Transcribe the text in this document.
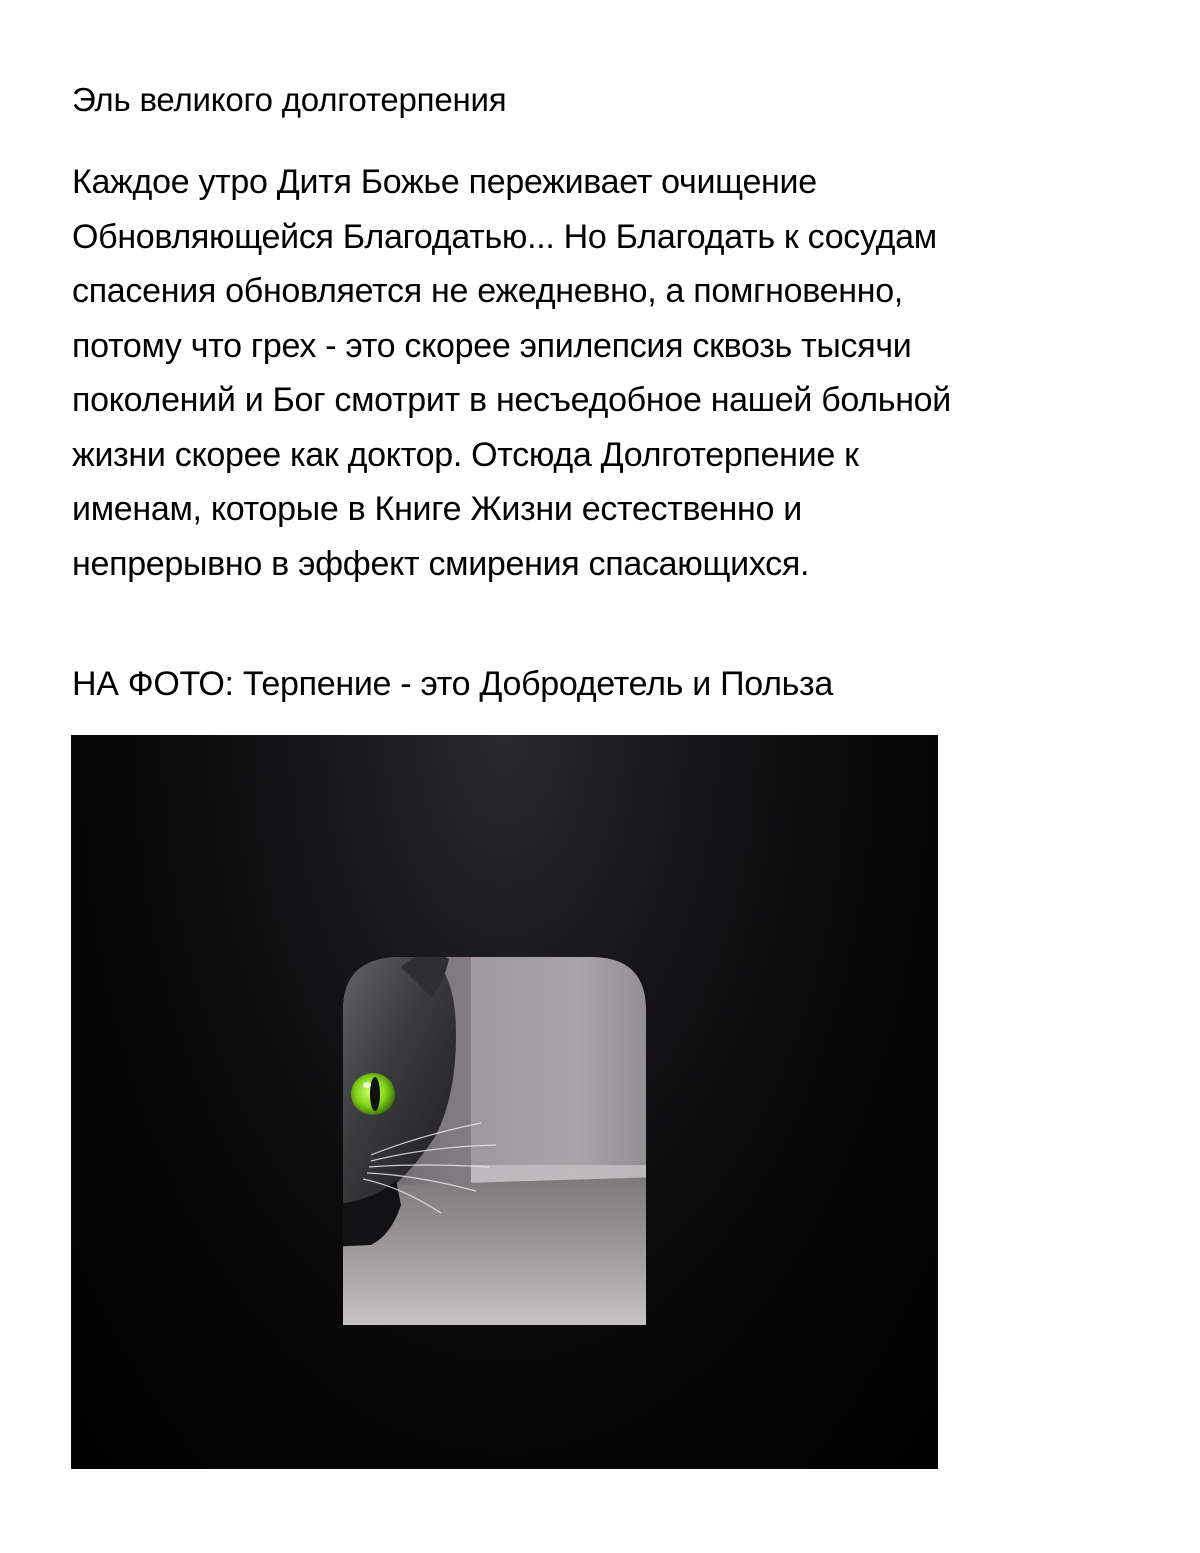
Эль великого долготерпения
Каждое утро Дитя Божье переживает очищение
Обновляющейся Благодатью... Но Благодать к сосудам
спасения обновляется не ежедневно, а помгновенно,
потому что грех - это скорее эпилепсия сквозь тысячи
поколений и Бог смотрит в несъедобное нашей больной
жизни скорее как доктор. Отсюда Долготерпение к
именам, которые в Книге Жизни естественно и
непрерывно в эффект смирения спасающихся.
НА ФОТО: Терпение - это Добродетель и Польза
